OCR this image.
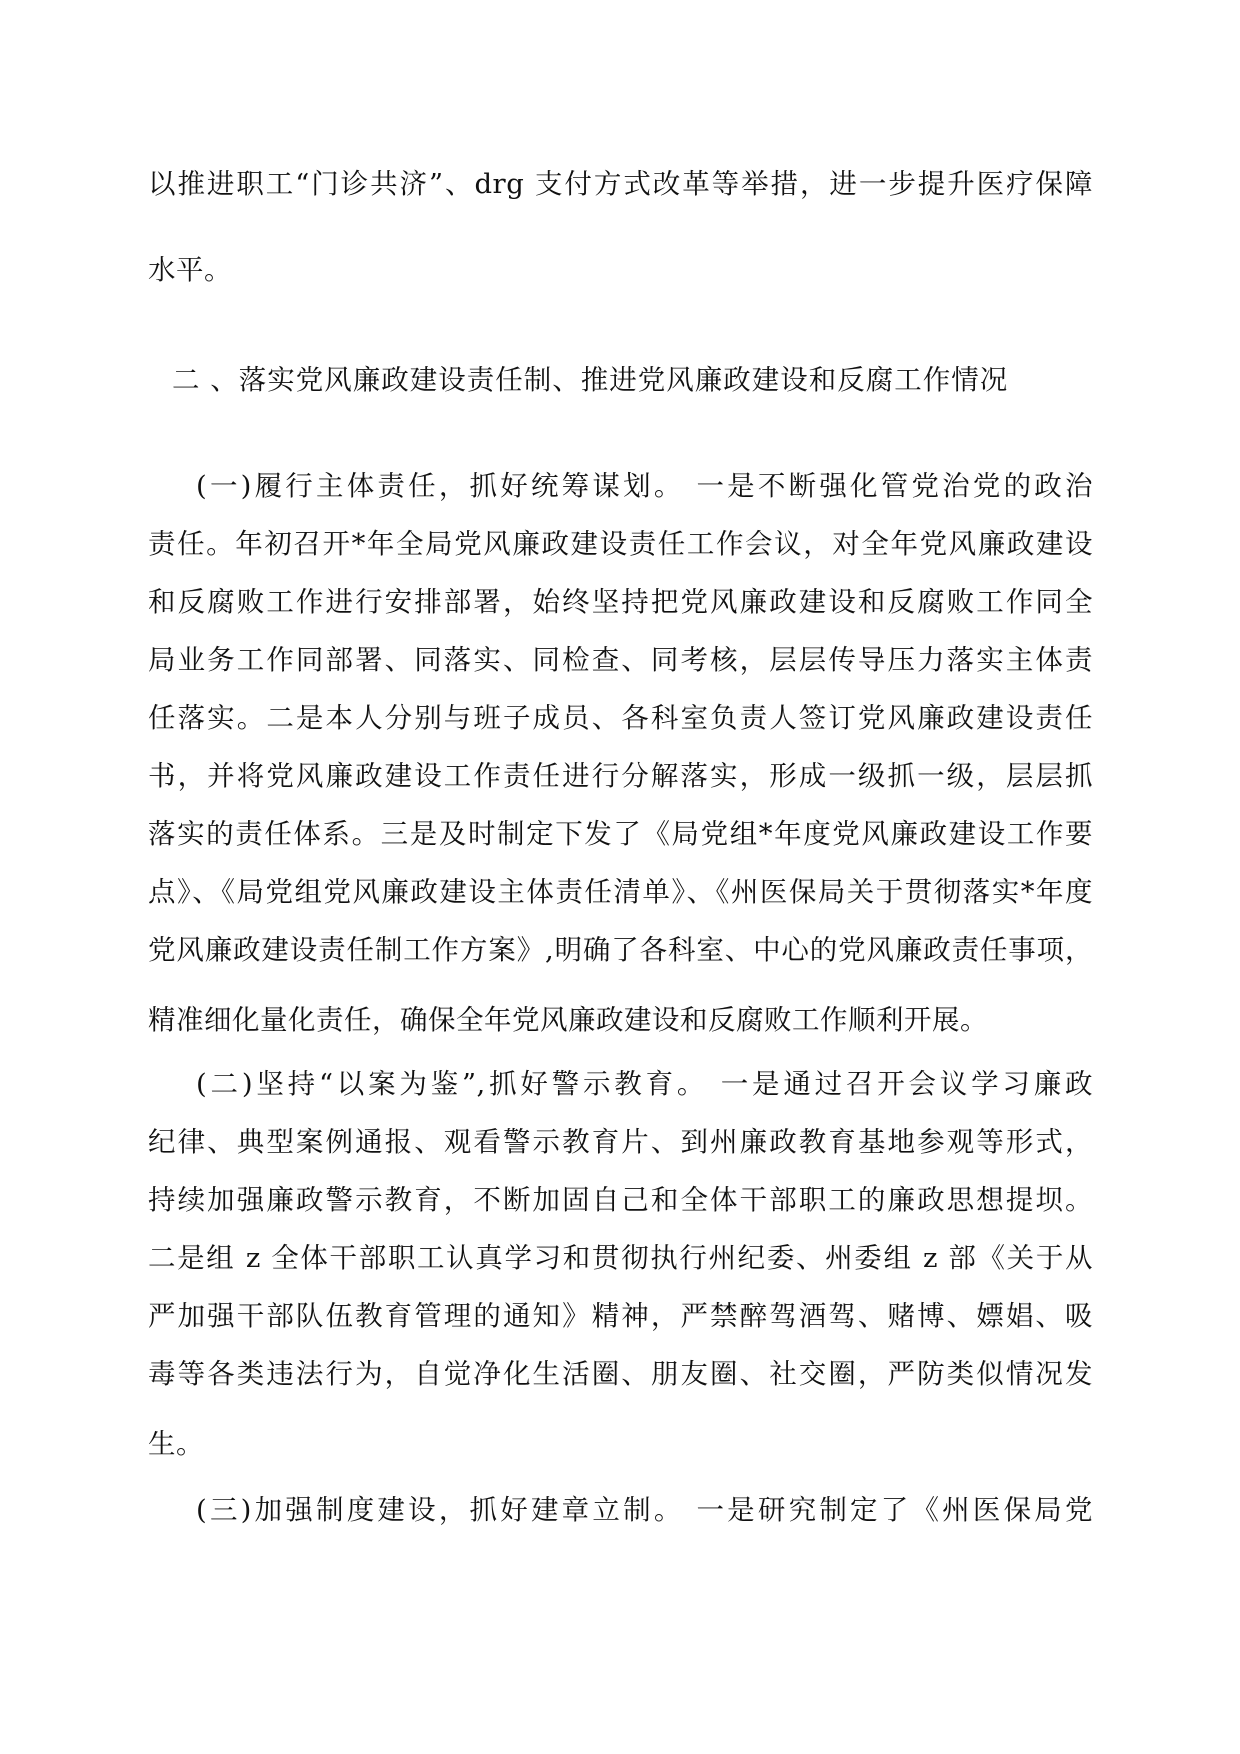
以推进职工“门诊共济”、drg 支付方式改革等举措，进一步提升医疗保障
水平。
二 、落实党风廉政建设责任制、推进党风廉政建设和反腐工作情况
(一)履行主体责任，抓好统筹谋划。 一是不断强化管党治党的政治
责任。年初召开*年全局党风廉政建设责任工作会议，对全年党风廉政建设
和反腐败工作进行安排部署，始终坚持把党风廉政建设和反腐败工作同全
局业务工作同部署、同落实、同检查、同考核，层层传导压力落实主体责
任落实。二是本人分别与班子成员、各科室负责人签订党风廉政建设责任
书，并将党风廉政建设工作责任进行分解落实，形成一级抓一级，层层抓
落实的责任体系。三是及时制定下发了《局党组*年度党风廉政建设工作要
点》、《局党组党风廉政建设主体责任清单》、《州医保局关于贯彻落实*年度
党风廉政建设责任制工作方案》,明确了各科室、中心的党风廉政责任事项，
精准细化量化责任，确保全年党风廉政建设和反腐败工作顺利开展。
(二)坚持“以案为鉴”,抓好警示教育。 一是通过召开会议学习廉政
纪律、典型案例通报、观看警示教育片、到州廉政教育基地参观等形式，
持续加强廉政警示教育，不断加固自己和全体干部职工的廉政思想提坝。
二是组 z 全体干部职工认真学习和贯彻执行州纪委、州委组 z 部《关于从
严加强干部队伍教育管理的通知》精神，严禁醉驾酒驾、赌博、嫖娼、吸
毒等各类违法行为，自觉净化生活圈、朋友圈、社交圈，严防类似情况发
生。
(三)加强制度建设，抓好建章立制。 一是研究制定了《州医保局党
